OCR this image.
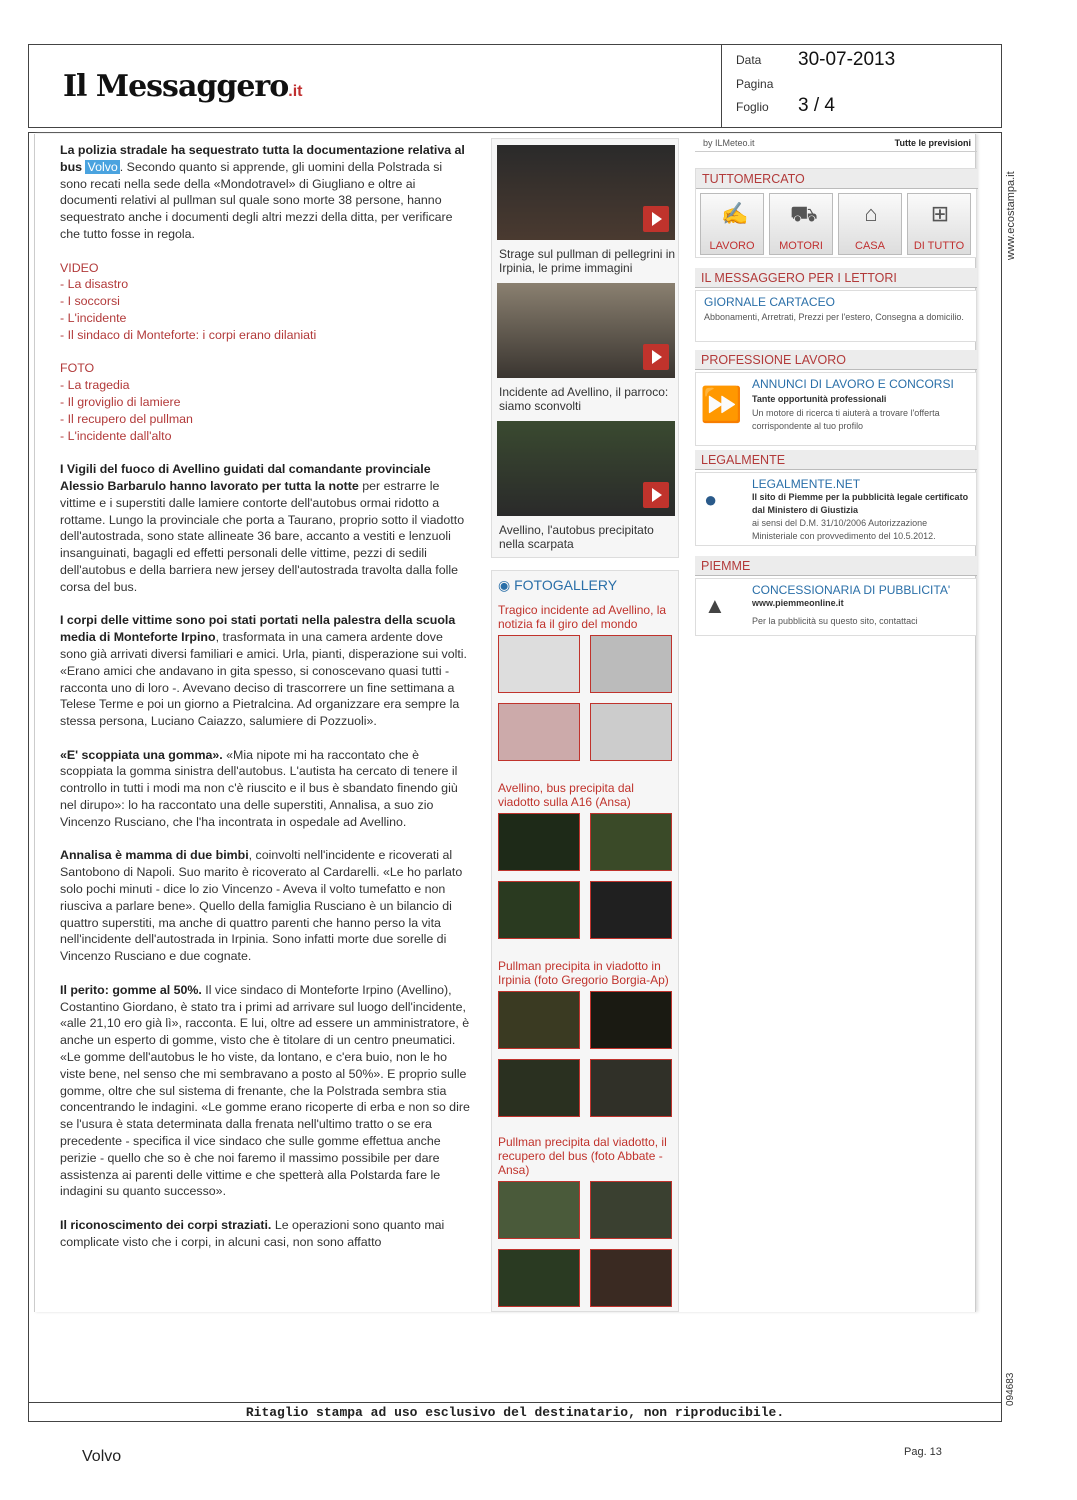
Il Messaggero.it
Data 30-07-2013
Pagina
Foglio 3 / 4
www.ecostampa.it
094683
Ritaglio stampa ad uso esclusivo del destinatario, non riproducibile.

La polizia stradale ha sequestrato tutta la documentazione relativa al bus Volvo . Secondo quanto si apprende, gli uomini della Polstrada si sono recati nella sede della «Mondotravel» di Giugliano e oltre ai documenti relativi al pullman sul quale sono morte 38 persone, hanno sequestrato anche i documenti degli altri mezzi della ditta, per verificare che tutto fosse in regola.

VIDEO
- La disastro
- I soccorsi
- L'incidente
- Il sindaco di Monteforte: i corpi erano dilaniati

FOTO
- La tragedia
- Il groviglio di lamiere
- Il recupero del pullman
- L'incidente dall'alto

I Vigili del fuoco di Avellino guidati dal comandante provinciale Alessio Barbarulo hanno lavorato per tutta la notte per estrarre le vittime e i superstiti dalle lamiere contorte dell'autobus ormai ridotto a rottame. Lungo la provinciale che porta a Taurano, proprio sotto il viadotto dell'autostrada, sono state allineate 36 bare, accanto a vestiti e lenzuoli insanguinati, bagagli ed effetti personali delle vittime, pezzi di sedili dell'autobus e della barriera new jersey dell'autostrada travolta dalla folle corsa del bus.

I corpi delle vittime sono poi stati portati nella palestra della scuola media di Monteforte Irpino, trasformata in una camera ardente dove sono già arrivati diversi familiari e amici. Urla, pianti, disperazione sui volti. «Erano amici che andavano in gita spesso, si conoscevano quasi tutti - racconta uno di loro -. Avevano deciso di trascorrere un fine settimana a Telese Terme e poi un giorno a Pietralcina. Ad organizzare era sempre la stessa persona, Luciano Caiazzo, salumiere di Pozzuoli».

«E' scoppiata una gomma». «Mia nipote mi ha raccontato che è scoppiata la gomma sinistra dell'autobus. L'autista ha cercato di tenere il controllo in tutti i modi ma non c'è riuscito e il bus è sbandato finendo giù nel dirupo»: lo ha raccontato una delle superstiti, Annalisa, a suo zio Vincenzo Rusciano, che l'ha incontrata in ospedale ad Avellino.

Annalisa è mamma di due bimbi, coinvolti nell'incidente e ricoverati al Santobono di Napoli. Suo marito è ricoverato al Cardarelli. «Le ho parlato solo pochi minuti - dice lo zio Vincenzo - Aveva il volto tumefatto e non riusciva a parlare bene». Quello della famiglia Rusciano è un bilancio di quattro superstiti, ma anche di quattro parenti che hanno perso la vita nell'incidente dell'autostrada in Irpinia. Sono infatti morte due sorelle di Vincenzo Rusciano e due cognate.

Il perito: gomme al 50%. Il vice sindaco di Monteforte Irpino (Avellino), Costantino Giordano, è stato tra i primi ad arrivare sul luogo dell'incidente, «alle 21,10 ero già lì», racconta. E lui, oltre ad essere un amministratore, è anche un esperto di gomme, visto che è titolare di un centro pneumatici. «Le gomme dell'autobus le ho viste, da lontano, e c'era buio, non le ho viste bene, nel senso che mi sembravano a posto al 50%». E proprio sulle gomme, oltre che sul sistema di frenante, che la Polstrada sembra stia concentrando le indagini. «Le gomme erano ricoperte di erba e non so dire se l'usura è stata determinata dalla frenata nell'ultimo tratto o se era precedente - specifica il vice sindaco che sulle gomme effettua anche perizie - quello che so è che noi faremo il massimo possibile per dare assistenza ai parenti delle vittime e che spetterà alla Polstarda fare le indagini su quanto successo».

Il riconoscimento dei corpi straziati. Le operazioni sono quanto mai complicate visto che i corpi, in alcuni casi, non sono affatto

Strage sul pullman di pellegrini in Irpinia, le prime immagini
Incidente ad Avellino, il parroco: siamo sconvolti
Avellino, l'autobus precipitato nella scarpata
◉ FOTOGALLERY
Tragico incidente ad Avellino, la notizia fa il giro del mondo
Avellino, bus precipita dal viadotto sulla A16 (Ansa)
Pullman precipita in viadotto in Irpinia (foto Gregorio Borgia-Ap)
Pullman precipita dal viadotto, il recupero del bus (foto Abbate - Ansa)
by ILMeteo.it	Tutte le previsioni
TUTTOMERCATO
✍
LAVORO
⛟
MOTORI
⌂
CASA
⊞
DI TUTTO
IL MESSAGGERO PER I LETTORI
GIORNALE CARTACEO
Abbonamenti, Arretrati, Prezzi per l'estero, Consegna a domicilio.
PROFESSIONE LAVORO
⏩
ANNUNCI DI LAVORO E CONCORSI
Tante opportunità professionali
Un motore di ricerca ti aiuterà a trovare l'offerta corrispondente al tuo profilo
LEGALMENTE
●
LEGALMENTE.NET
Il sito di Piemme per la pubblicità legale certificato dal Ministero di Giustizia
ai sensi del D.M. 31/10/2006 Autorizzazione Ministeriale con provvedimento del 10.5.2012.
PIEMME
▲
CONCESSIONARIA DI PUBBLICITA'
www.piemmeonline.it
Per la pubblicità su questo sito, contattaci
Volvo	Pag. 13
